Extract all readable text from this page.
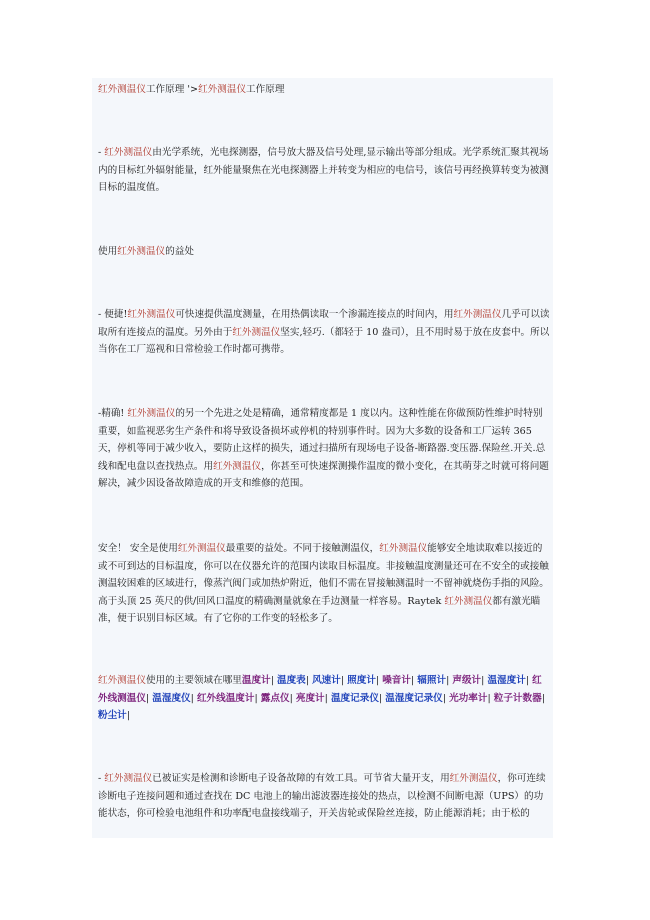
红外测温仪工作原理 '>红外测温仪工作原理
- 红外测温仪由光学系统，光电探测器，信号放大器及信号处理,显示输出等部分组成。光学系统汇聚其视场内的目标红外辐射能量，红外能量聚焦在光电探测器上并转变为相应的电信号，该信号再经换算转变为被测目标的温度值。
使用红外测温仪的益处
- 便捷!红外测温仪可快速提供温度测量，在用热偶读取一个渗漏连接点的时间内，用红外测温仪几乎可以读取所有连接点的温度。另外由于红外测温仪坚实,轻巧.（都轻于 10 盎司），且不用时易于放在皮套中。所以当你在工厂巡视和日常检验工作时都可携带。
-精确! 红外测温仪的另一个先进之处是精确，通常精度都是 1 度以内。这种性能在你做预防性维护时特别重要，如监视恶劣生产条件和将导致设备损坏或停机的特别事件时。因为大多数的设备和工厂运转 365 天，停机等同于减少收入，要防止这样的损失，通过扫描所有现场电子设备-断路器.变压器.保险丝.开关.总线和配电盘以查找热点。用红外测温仪，你甚至可快速探测操作温度的微小变化，在其萌芽之时就可将问题解决，减少因设备故障造成的开支和维修的范围。
安全！ 安全是使用红外测温仪最重要的益处。不同于接触测温仪，红外测温仪能够安全地读取难以接近的或不可到达的目标温度，你可以在仪器允许的范围内读取目标温度。非接触温度测量还可在不安全的或接触测温较困难的区域进行，像蒸汽阀门或加热炉附近，他们不需在冒接触测温时一不留神就烧伤手指的风险。高于头顶 25 英尺的供/回风口温度的精确测量就象在手边测量一样容易。Raytek 红外测温仪都有激光瞄准，便于识别目标区域。有了它你的工作变的轻松多了。
红外测温仪使用的主要领域在哪里温度计| 温度表| 风速计| 照度计| 噪音计| 辐照计| 声级计| 温湿度计| 红外线测温仪| 温湿度仪| 红外线温度计| 露点仪| 亮度计| 温度记录仪| 温湿度记录仪| 光功率计| 粒子计数器| 粉尘计|
- 红外测温仪已被证实是检测和诊断电子设备故障的有效工具。可节省大量开支，用红外测温仪，你可连续诊断电子连接问题和通过查找在 DC 电池上的输出滤波器连接处的热点，以检测不间断电源（UPS）的功能状态，你可检验电池组件和功率配电盘接线端子，开关齿轮或保险丝连接，防止能源消耗；由于松的
